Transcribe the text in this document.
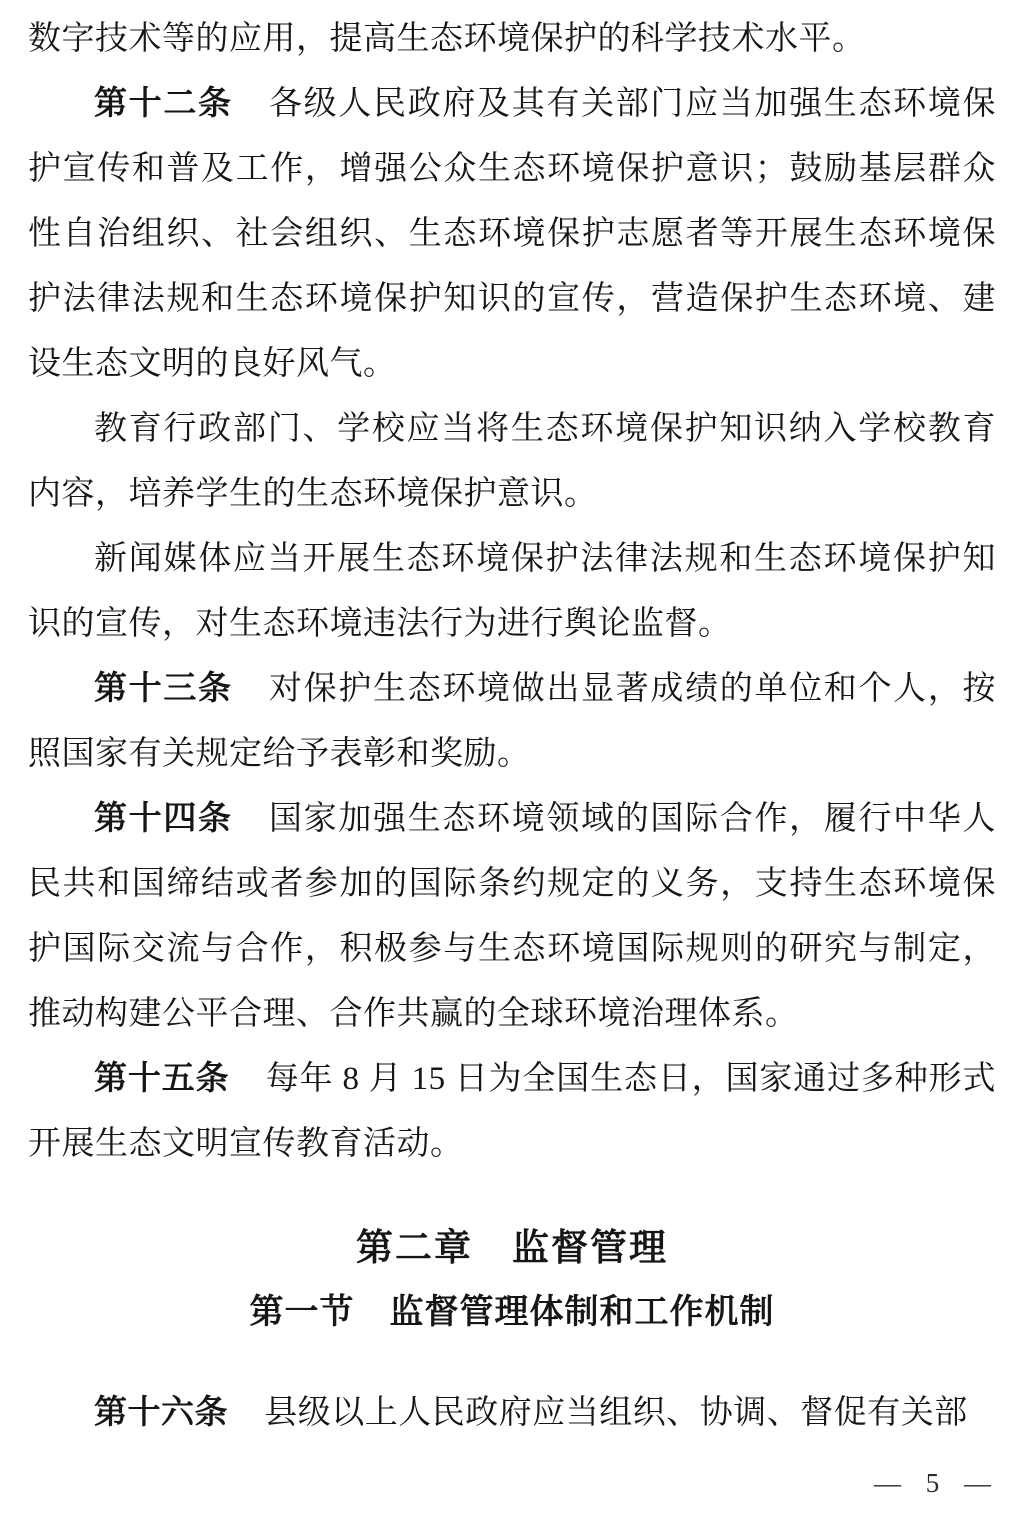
数字技术等的应用，提高生态环境保护的科学技术水平。

第十二条 各级人民政府及其有关部门应当加强生态环境保护宣传和普及工作，增强公众生态环境保护意识；鼓励基层群众性自治组织、社会组织、生态环境保护志愿者等开展生态环境保护法律法规和生态环境保护知识的宣传，营造保护生态环境、建设生态文明的良好风气。

教育行政部门、学校应当将生态环境保护知识纳入学校教育内容，培养学生的生态环境保护意识。

新闻媒体应当开展生态环境保护法律法规和生态环境保护知识的宣传，对生态环境违法行为进行舆论监督。

第十三条 对保护生态环境做出显著成绩的单位和个人，按照国家有关规定给予表彰和奖励。

第十四条 国家加强生态环境领域的国际合作，履行中华人民共和国缔结或者参加的国际条约规定的义务，支持生态环境保护国际交流与合作，积极参与生态环境国际规则的研究与制定，推动构建公平合理、合作共赢的全球环境治理体系。

第十五条 每年 8 月 15 日为全国生态日，国家通过多种形式开展生态文明宣传教育活动。

第二章　监督管理

第一节　监督管理体制和工作机制

第十六条 县级以上人民政府应当组织、协调、督促有关部

— 5 —
